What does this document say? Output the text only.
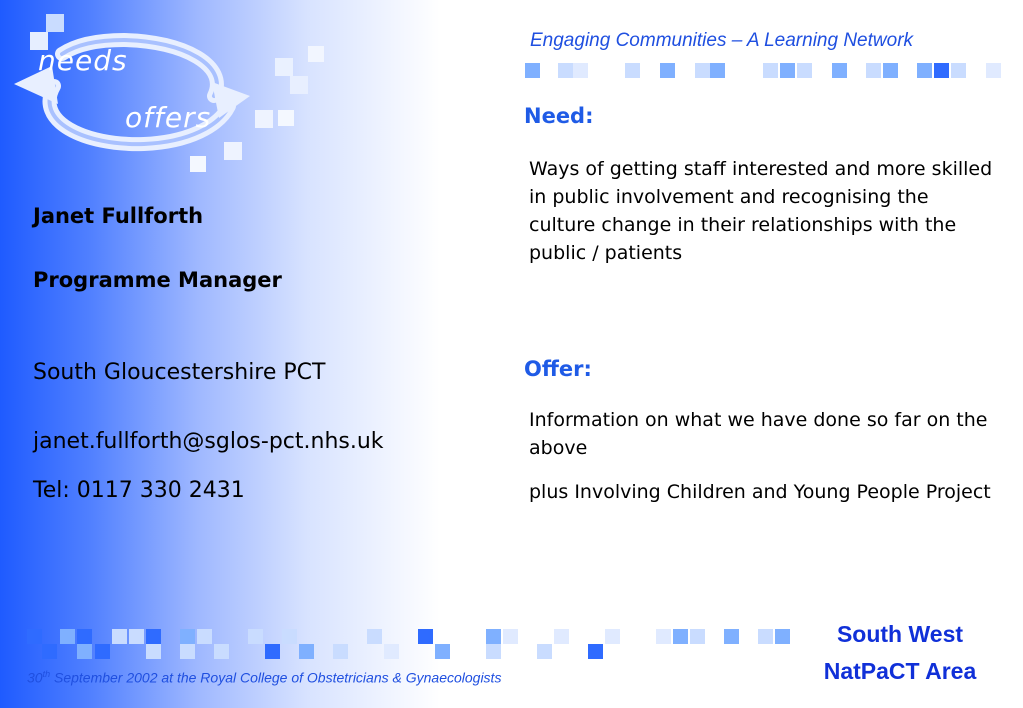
needs
offers
Engaging Communities – A Learning Network
Janet Fullforth
Programme Manager
South Gloucestershire PCT
janet.fullforth@sglos-pct.nhs.uk
Tel: 0117 330 2431
Need:
Ways of getting staff interested and more skilled in public involvement and recognising the culture change in their relationships with the public / patients
Offer:
Information on what we have done so far on the above
plus Involving Children and Young People Project
30th September 2002 at the Royal College of Obstetricians & Gynaecologists
South West
NatPaCT Area
